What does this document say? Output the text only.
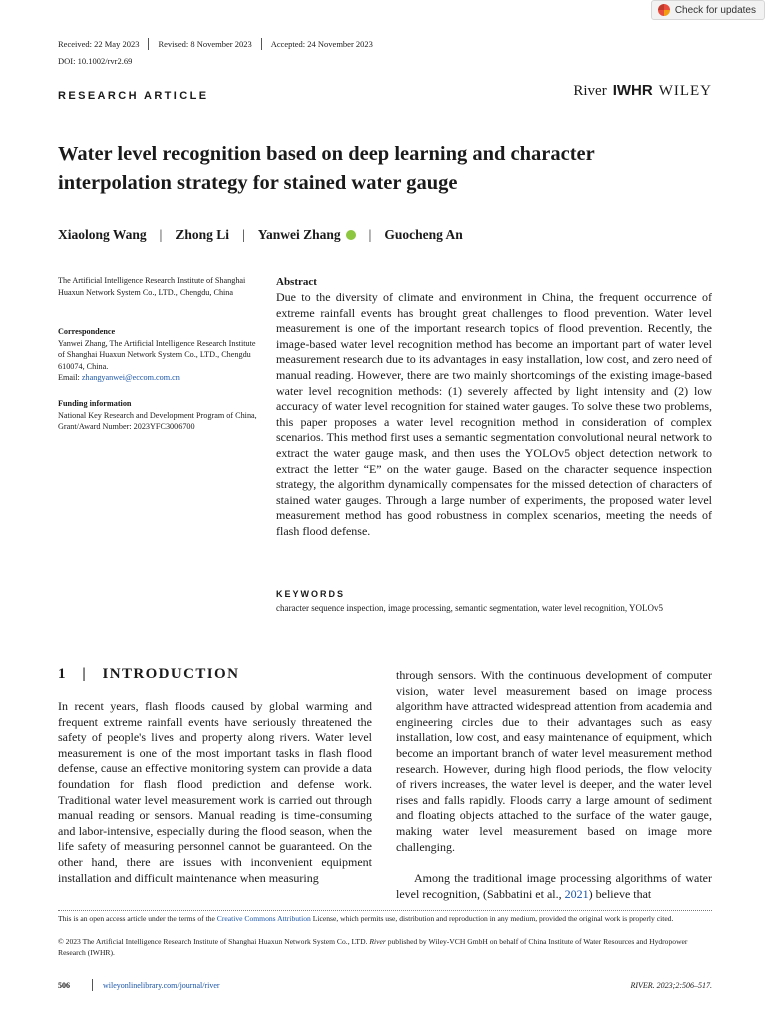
Check for updates
Received: 22 May 2023 Revised: 8 November 2023 Accepted: 24 November 2023
DOI: 10.1002/rvr2.69
RESEARCH ARTICLE	River IWHR WILEY
Water level recognition based on deep learning and character interpolation strategy for stained water gauge
Xiaolong Wang | Zhong Li | Yanwei Zhang | Guocheng An
The Artificial Intelligence Research Institute of Shanghai Huaxun Network System Co., LTD., Chengdu, China
Correspondence
Yanwei Zhang, The Artificial Intelligence Research Institute of Shanghai Huaxun Network System Co., LTD., Chengdu 610074, China.
Email: zhangyanwei@eccom.com.cn
Funding information
National Key Research and Development Program of China, Grant/Award Number: 2023YFC3006700
Abstract

Due to the diversity of climate and environment in China, the frequent occurrence of extreme rainfall events has brought great challenges to flood prevention. Water level measurement is one of the important research topics of flood prevention. Recently, the image-based water level recognition method has become an important part of water level measurement research due to its advantages in easy installation, low cost, and zero need of manual reading. However, there are two mainly shortcomings of the existing image-based water level recognition methods: (1) severely affected by light intensity and (2) low accuracy of water level recognition for stained water gauges. To solve these two problems, this paper proposes a water level recognition method in consideration of complex scenarios. This method first uses a semantic segmentation convolutional neural network to extract the water gauge mask, and then uses the YOLOv5 object detection network to extract the letter “E” on the water gauge. Based on the character sequence inspection strategy, the algorithm dynamically compensates for the missed detection of characters of stained water gauges. Through a large number of experiments, the proposed water level measurement method has good robustness in complex scenarios, meeting the needs of flash flood defense.

KEYWORDS
character sequence inspection, image processing, semantic segmentation, water level recognition, YOLOv5
1   |   INTRODUCTION

In recent years, flash floods caused by global warming and frequent extreme rainfall events have seriously threatened the safety of people's lives and property along rivers. Water level measurement is one of the most important tasks in flash flood defense, cause an effective monitoring system can provide a data foundation for flash flood prediction and defense work. Traditional water level measurement work is carried out through manual reading or sensors. Manual reading is time-consuming and labor-intensive, especially during the flood season, when the life safety of measuring personnel cannot be guaranteed. On the other hand, there are issues with inconvenient equipment installation and difficult maintenance when measuring

through sensors. With the continuous development of computer vision, water level measurement based on image process algorithm have attracted widespread attention from academia and engineering circles due to their advantages such as easy installation, low cost, and easy maintenance of equipment, which become an important branch of water level measurement method research. However, during high flood periods, the flow velocity of rivers increases, the water level is deeper, and the water level rises and falls rapidly. Floods carry a large amount of sediment and floating objects attached to the surface of the water gauge, making water level measurement based on image more challenging.

Among the traditional image processing algorithms of water level recognition, (Sabbatini et al., 2021) believe that

This is an open access article under the terms of the Creative Commons Attribution License, which permits use, distribution and reproduction in any medium, provided the original work is properly cited.
© 2023 The Artificial Intelligence Research Institute of Shanghai Huaxun Network System Co., LTD. River published by Wiley-VCH GmbH on behalf of China Institute of Water Resources and Hydropower Research (IWHR).
506	wileyonlinelibrary.com/journal/river	RIVER. 2023;2:506–517.
